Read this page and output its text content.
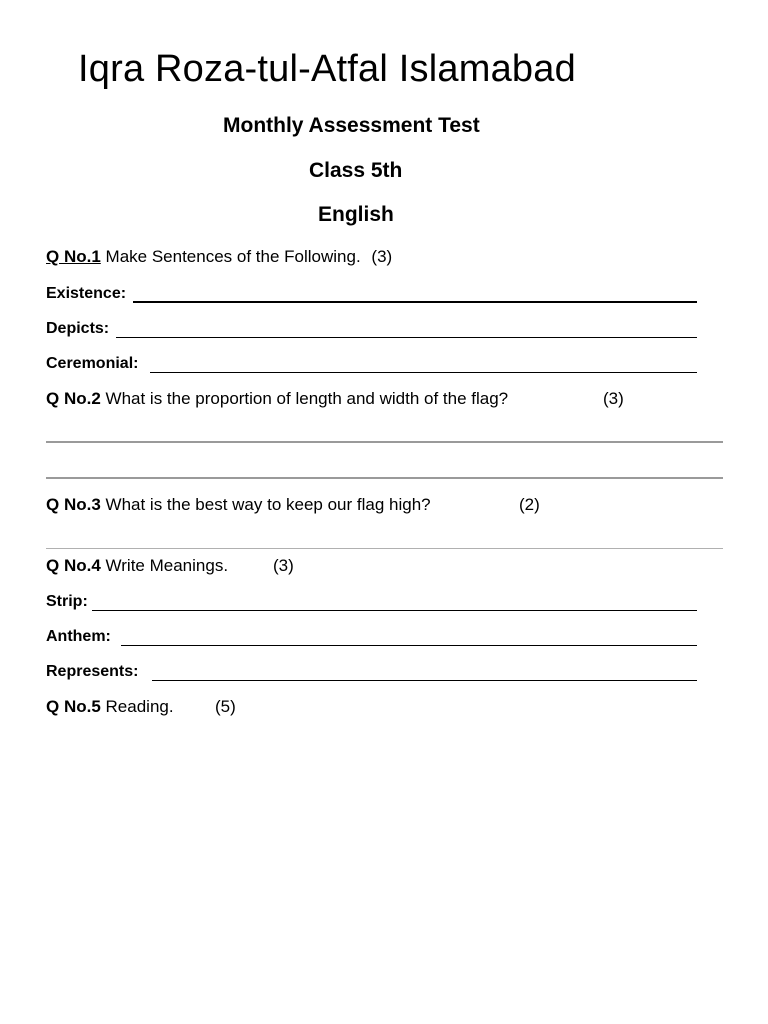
Iqra Roza-tul-Atfal Islamabad
Monthly Assessment Test
Class 5th
English
Q No.1 Make Sentences of the Following. (3)
Existence:
Depicts:
Ceremonial:
Q No.2 What is the proportion of length and width of the flag?	(3)
Q No.3 What is the best way to keep our flag high?	(2)
Q No.4 Write Meanings.	(3)
Strip:
Anthem:
Represents:
Q No.5 Reading. (5)
